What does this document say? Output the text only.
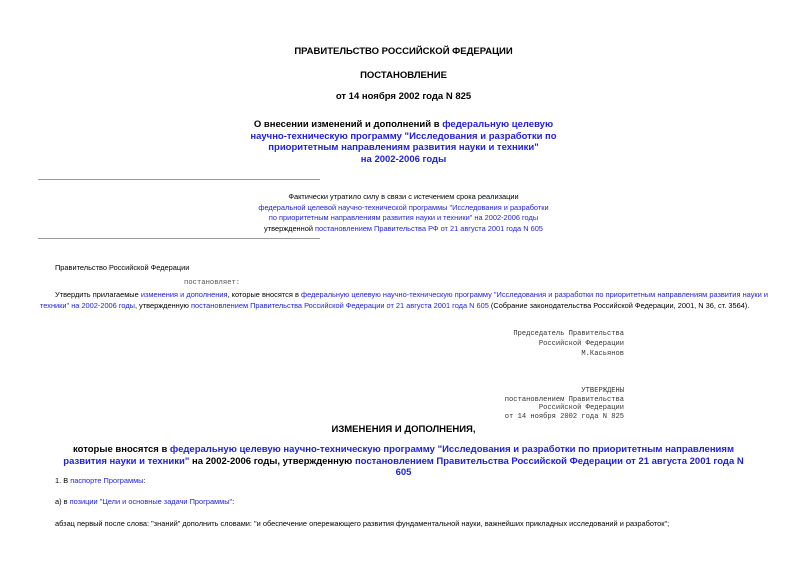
ПРАВИТЕЛЬСТВО РОССИЙСКОЙ ФЕДЕРАЦИИ
ПОСТАНОВЛЕНИЕ
от 14 ноября 2002 года N 825
О внесении изменений и дополнений в федеральную целевую
научно-техническую программу "Исследования и разработки по
приоритетным направлениям развития науки и техники"
на 2002-2006 годы
Фактически утратило силу в связи с истечением срока реализации
федеральной целевой научно-технической программы "Исследования и разработки
по приоритетным направлениям развития науки и техники" на 2002-2006 годы
утвержденной постановлением Правительства РФ от 21 августа 2001 года N 605
Правительство Российской Федерации
постановляет:
Утвердить прилагаемые изменения и дополнения, которые вносятся в федеральную целевую научно-техническую программу "Исследования и разработки по приоритетным направлениям развития науки и техники" на 2002-2006 годы, утвержденную постановлением Правительства Российской Федерации от 21 августа 2001 года N 605 (Собрание законодательства Российской Федерации, 2001, N 36, ст. 3564).
Председатель Правительства
Российской Федерации
М.Касьянов
УТВЕРЖДЕНЫ
постановлением Правительства
Российской Федерации
от 14 ноября 2002 года N 825
ИЗМЕНЕНИЯ И ДОПОЛНЕНИЯ,
которые вносятся в федеральную целевую научно-техническую программу "Исследования и разработки по приоритетным направлениям развития науки и техники" на 2002-2006 годы, утвержденную постановлением Правительства Российской Федерации от 21 августа 2001 года N 605
1. В паспорте Программы:
а) в позиции "Цели и основные задачи Программы":
абзац первый после слова: "знаний" дополнить словами: "и обеспечение опережающего развития фундаментальной науки, важнейших прикладных исследований и разработок";
